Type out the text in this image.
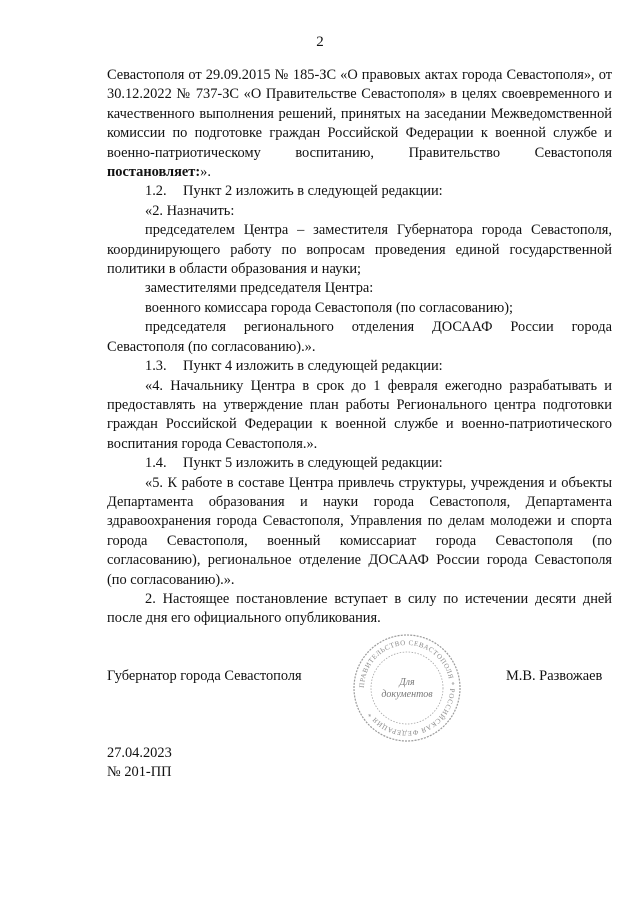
2

Севастополя от 29.09.2015 № 185-ЗС «О правовых актах города Севастополя», от 30.12.2022 № 737-ЗС «О Правительстве Севастополя» в целях своевременного и качественного выполнения решений, принятых на заседании Межведомственной комиссии по подготовке граждан Российской Федерации к военной службе и военно-патриотическому воспитанию, Правительство Севастополя постановляет:».

1.2. Пункт 2 изложить в следующей редакции:

«2. Назначить:

председателем Центра – заместителя Губернатора города Севастополя, координирующего работу по вопросам проведения единой государственной политики в области образования и науки;

заместителями председателя Центра:

военного комиссара города Севастополя (по согласованию);

председателя регионального отделения ДОСААФ России города Севастополя (по согласованию).».

1.3. Пункт 4 изложить в следующей редакции:

«4. Начальнику Центра в срок до 1 февраля ежегодно разрабатывать и предоставлять на утверждение план работы Регионального центра подготовки граждан Российской Федерации к военной службе и военно-патриотического воспитания города Севастополя.».

1.4. Пункт 5 изложить в следующей редакции:

«5. К работе в составе Центра привлечь структуры, учреждения и объекты Департамента образования и науки города Севастополя, Департамента здравоохранения города Севастополя, Управления по делам молодежи и спорта города Севастополя, военный комиссариат города Севастополя (по согласованию), региональное отделение ДОСААФ России города Севастополя (по согласованию).».

2. Настоящее постановление вступает в силу по истечении десяти дней после дня его официального опубликования.

Губернатор города Севастополя
ПРАВИТЕЛЬСТВО СЕВАСТОПОЛЯ * РОССИЙСКАЯ ФЕДЕРАЦИЯ *
Для
документов
М.В. Развожаев
27.04.2023
№ 201-ПП
